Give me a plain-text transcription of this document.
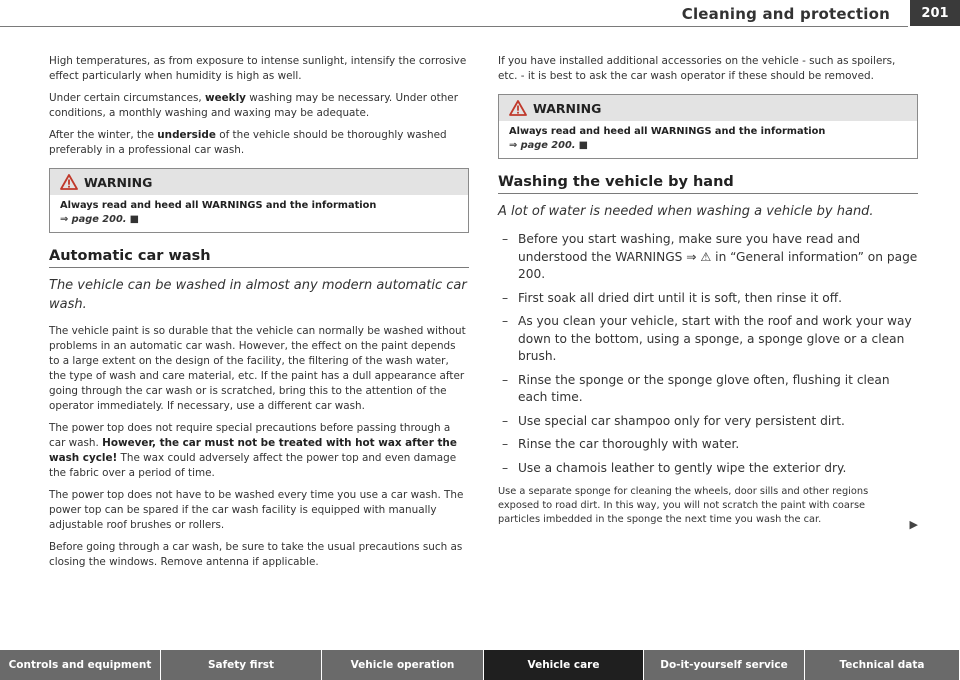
Cleaning and protection	201

High temperatures, as from exposure to intense sunlight, intensify the corrosive effect particularly when humidity is high as well.

Under certain circumstances, weekly washing may be necessary. Under other conditions, a monthly washing and waxing may be adequate.

After the winter, the underside of the vehicle should be thoroughly washed preferably in a professional car wash.

WARNING
Always read and heed all WARNINGS and the information
⇒ page 200. ■
Automatic car wash
The vehicle can be washed in almost any modern automatic car wash.

The vehicle paint is so durable that the vehicle can normally be washed without problems in an automatic car wash. However, the effect on the paint depends to a large extent on the design of the facility, the filtering of the wash water, the type of wash and care material, etc. If the paint has a dull appearance after going through the car wash or is scratched, bring this to the attention of the operator immediately. If necessary, use a different car wash.

The power top does not require special precautions before passing through a car wash. However, the car must not be treated with hot wax after the wash cycle! The wax could adversely affect the power top and even damage the fabric over a period of time.

The power top does not have to be washed every time you use a car wash. The power top can be spared if the car wash facility is equipped with manually adjustable roof brushes or rollers.

Before going through a car wash, be sure to take the usual precautions such as closing the windows. Remove antenna if applicable.

If you have installed additional accessories on the vehicle - such as spoilers, etc. - it is best to ask the car wash operator if these should be removed.

WARNING
Always read and heed all WARNINGS and the information
⇒ page 200. ■
Washing the vehicle by hand
A lot of water is needed when washing a vehicle by hand.
– Before you start washing, make sure you have read and understood the WARNINGS ⇒ ⚠ in “General information” on page 200.
– First soak all dried dirt until it is soft, then rinse it off.
– As you clean your vehicle, start with the roof and work your way down to the bottom, using a sponge, a sponge glove or a clean brush.
– Rinse the sponge or the sponge glove often, flushing it clean each time.
– Use special car shampoo only for very persistent dirt.
– Rinse the car thoroughly with water.
– Use a chamois leather to gently wipe the exterior dry.

Use a separate sponge for cleaning the wheels, door sills and other regions exposed to road dirt. In this way, you will not scratch the paint with coarse particles imbedded in the sponge the next time you wash the car.	▶
Controls and equipment	Safety first	Vehicle operation	Vehicle care	Do-it-yourself service	Technical data
